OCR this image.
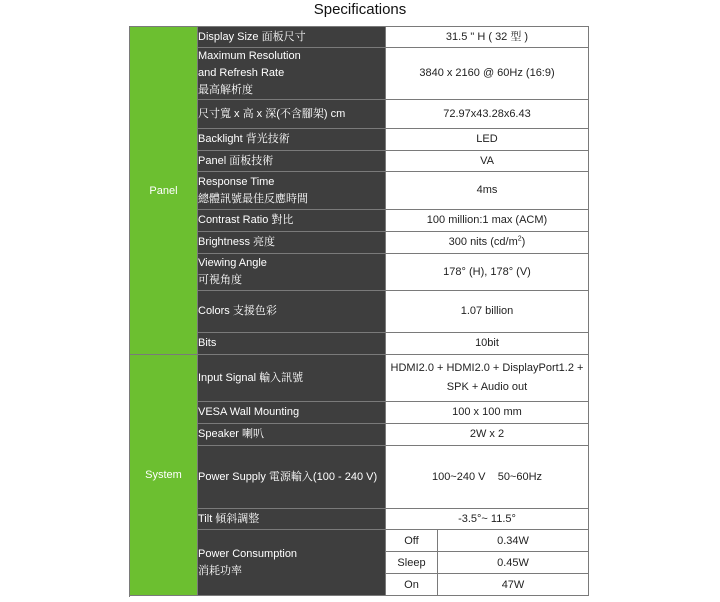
Specifications
Panel	Display Size 面板尺寸	31.5 " H ( 32 型 )	

	Maximum Resolution
and Refresh Rate
最高解析度	3840 x 2160 @ 60Hz (16:9)	
	尺寸寬 x 高 x 深(不含腳架) cm	72.97x43.28x6.43	
	Backlight 背光技術	LED	
	Panel 面板技術	VA	

	Response Time
總體訊號最佳反應時間	4ms	
	Contrast Ratio 對比	100 million:1 max (ACM)	
	Brightness 亮度	300 nits $(cd/m^2)$	

	Viewing Angle
可視角度	178° (H), 178° (V)	
	Colors 支援色彩	1.07 billion	
	Bits	10bit	

System	Input Signal 輸入訊號	HDMI2.0 + HDMI2.0 + DisplayPort1.2 +
SPK + Audio out	

	VESA Wall Mounting	100 x 100 mm	
	Speaker 喇叭	2W x 2	
	Power Supply 電源輸入(100 - 240 V)	100~240 V    50~60Hz	
	Tilt 傾斜調整	-3.5°~ 11.5°	

	Power Consumption
消耗功率	Off	0.34W
		Sleep	0.45W
		On	47W
